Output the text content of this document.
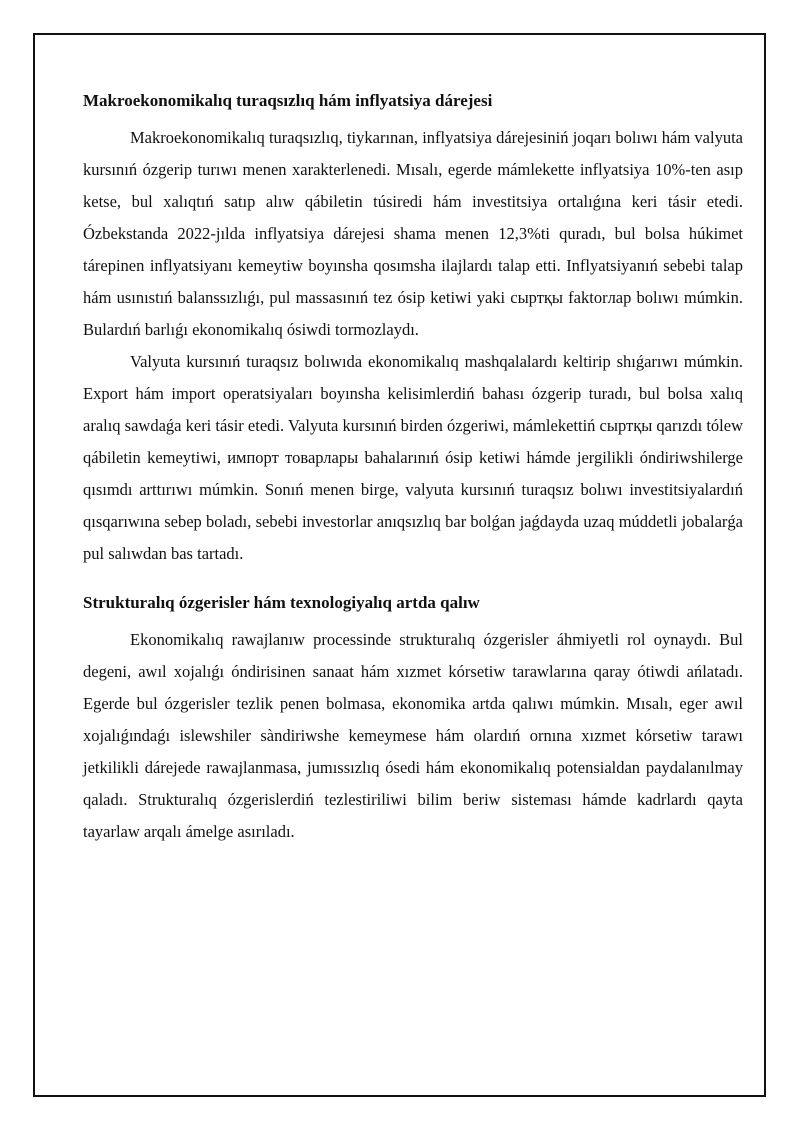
Makroekonomikalıq turaqsızlıq hám inflyatsiya dárejesi

Makroekonomikalıq turaqsızlıq, tiykarınan, inflyatsiya dárejesiniń joqarı bolıwı hám valyuta kursınıń ózgerip turıwı menen xarakterlenedi. Mısalı, egerde mámlekette inflyatsiya 10%-ten asıp ketse, bul xalıqtıń satıp alıw qábiletin túsiredi hám investitsiya ortalıǵına keri tásir etedi. Ózbekstanda 2022-jılda inflyatsiya dárejesi shama menen 12,3%ti quradı, bul bolsa húkimet tárepinen inflyatsiyanı kemeytiw boyınsha qosımsha ilajlardı talap etti. Inflyatsiyanıń sebebi talap hám usınıstıń balanssızlıǵı, pul massasınıń tez ósip ketiwi yaki сыртқы faktorлар bolıwı múmkin. Bulardıń barlıǵı ekonomikalıq ósiwdi tormozlaydı.

Valyuta kursınıń turaqsız bolıwıda ekonomikalıq mashqalalardı keltirip shıǵarıwı múmkin. Export hám import operatsiyaları boyınsha kelisimlerdiń bahası ózgerip turadı, bul bolsa xalıq aralıq sawdaǵa keri tásir etedi. Valyuta kursınıń birden ózgeriwi, mámlekettiń сыртқы qarızdı tólew qábiletin kemeytiwi, импорт товарлары bahalarınıń ósip ketiwi hámde jergilikli óndiriwshilerge qısımdı arttırıwı múmkin. Sonıń menen birge, valyuta kursınıń turaqsız bolıwı investitsiyalardıń qısqarıwına sebep boladı, sebebi investorlar anıqsızlıq bar bolǵan jaǵdayda uzaq múddetli jobalarǵa pul salıwdan bas tartadı.

Strukturalıq ózgerisler hám texnologiyalıq artda qalıw

Ekonomikalıq rawajlanıw processinde strukturalıq ózgerisler áhmiyetli rol oynaydı. Bul degeni, awıl xojalıǵı óndirisinen sanaat hám xızmet kórsetiw tarawlarına qaray ótiwdi ańlatadı. Egerde bul ózgerisler tezlik penen bolmasa, ekonomika artda qalıwı múmkin. Mısalı, eger awıl xojalıǵındaǵı islewshiler sàndiriwshe kemeymese hám olardıń ornına xızmet kórsetiw tarawı jetkilikli dárejede rawajlanmasa, jumıssızlıq ósedi hám ekonomikalıq potensialdan paydalanılmay qaladı. Strukturalıq ózgerislerdiń tezlestiriliwi bilim beriw sisteması hámde kadrlardı qayta tayarlaw arqalı ámelge asırıladı.
